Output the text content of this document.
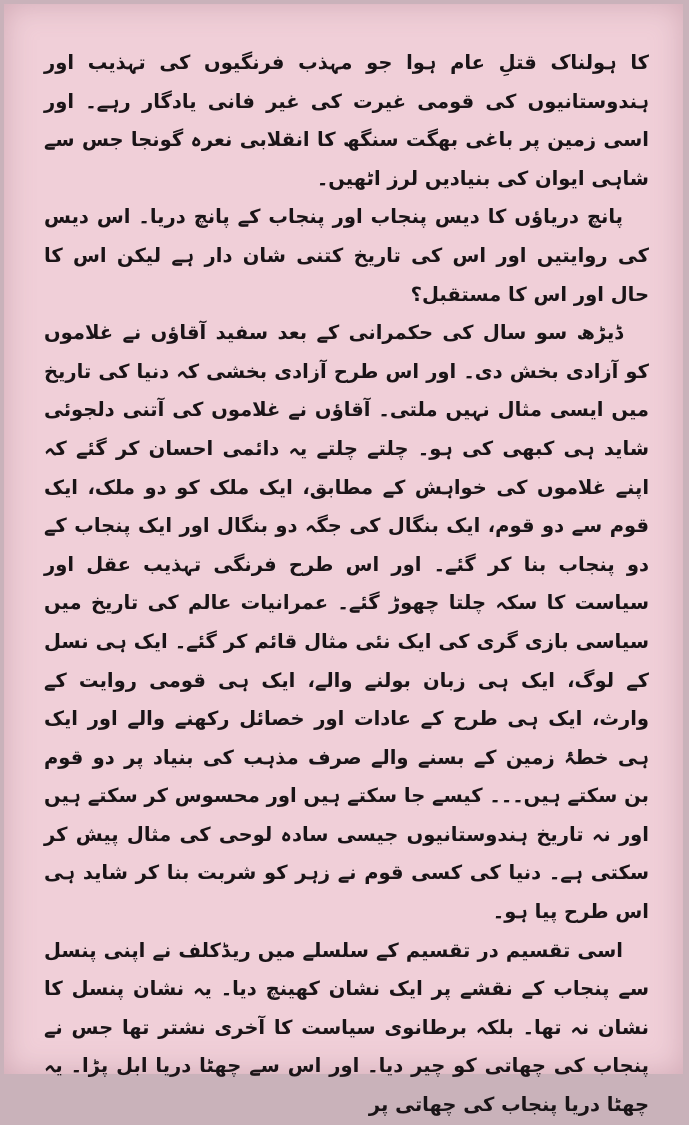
کا ہولناک قتلِ عام ہوا جو مہذب فرنگیوں کی تہذیب اور ہندوستانیوں کی قومی غیرت کی غیر فانی یادگار رہے۔ اور اسی زمین پر باغی بھگت سنگھ کا انقلابی نعرہ گونجا جس سے شاہی ایوان کی بنیادیں لرز اٹھیں۔

پانچ دریاؤں کا دیس پنجاب اور پنجاب کے پانچ دریا۔ اس دیس کی روایتیں اور اس کی تاریخ کتنی شان دار ہے لیکن اس کا حال اور اس کا مستقبل؟

ڈیڑھ سو سال کی حکمرانی کے بعد سفید آقاؤں نے غلاموں کو آزادی بخش دی۔ اور اس طرح آزادی بخشی کہ دنیا کی تاریخ میں ایسی مثال نہیں ملتی۔ آقاؤں نے غلاموں کی آتنی دلجوئی شاید ہی کبھی کی ہو۔ چلتے چلتے یہ دائمی احسان کر گئے کہ اپنے غلاموں کی خواہش کے مطابق، ایک ملک کو دو ملک، ایک قوم سے دو قوم، ایک بنگال کی جگہ دو بنگال اور ایک پنجاب کے دو پنجاب بنا کر گئے۔ اور اس طرح فرنگی تہذیب عقل اور سیاست کا سکہ چلتا چھوڑ گئے۔ عمرانیات عالم کی تاریخ میں سیاسی بازی گری کی ایک نئی مثال قائم کر گئے۔ ایک ہی نسل کے لوگ، ایک ہی زبان بولنے والے، ایک ہی قومی روایت کے وارث، ایک ہی طرح کے عادات اور خصائل رکھنے والے اور ایک ہی خطۂ زمین کے بسنے والے صرف مذہب کی بنیاد پر دو قوم بن سکتے ہیں۔۔۔ کیسے جا سکتے ہیں اور محسوس کر سکتے ہیں اور نہ تاریخ ہندوستانیوں جیسی سادہ لوحی کی مثال پیش کر سکتی ہے۔ دنیا کی کسی قوم نے زہر کو شربت بنا کر شاید ہی اس طرح پیا ہو۔

اسی تقسیم در تقسیم کے سلسلے میں ریڈکلف نے اپنی پنسل سے پنجاب کے نقشے پر ایک نشان کھینچ دیا۔ یہ نشان پنسل کا نشان نہ تھا۔ بلکہ برطانوی سیاست کا آخری نشتر تھا جس نے پنجاب کی چھاتی کو چیر دیا۔ اور اس سے چھٹا دریا ابل پڑا۔ یہ چھٹا دریا پنجاب کی چھاتی پر
